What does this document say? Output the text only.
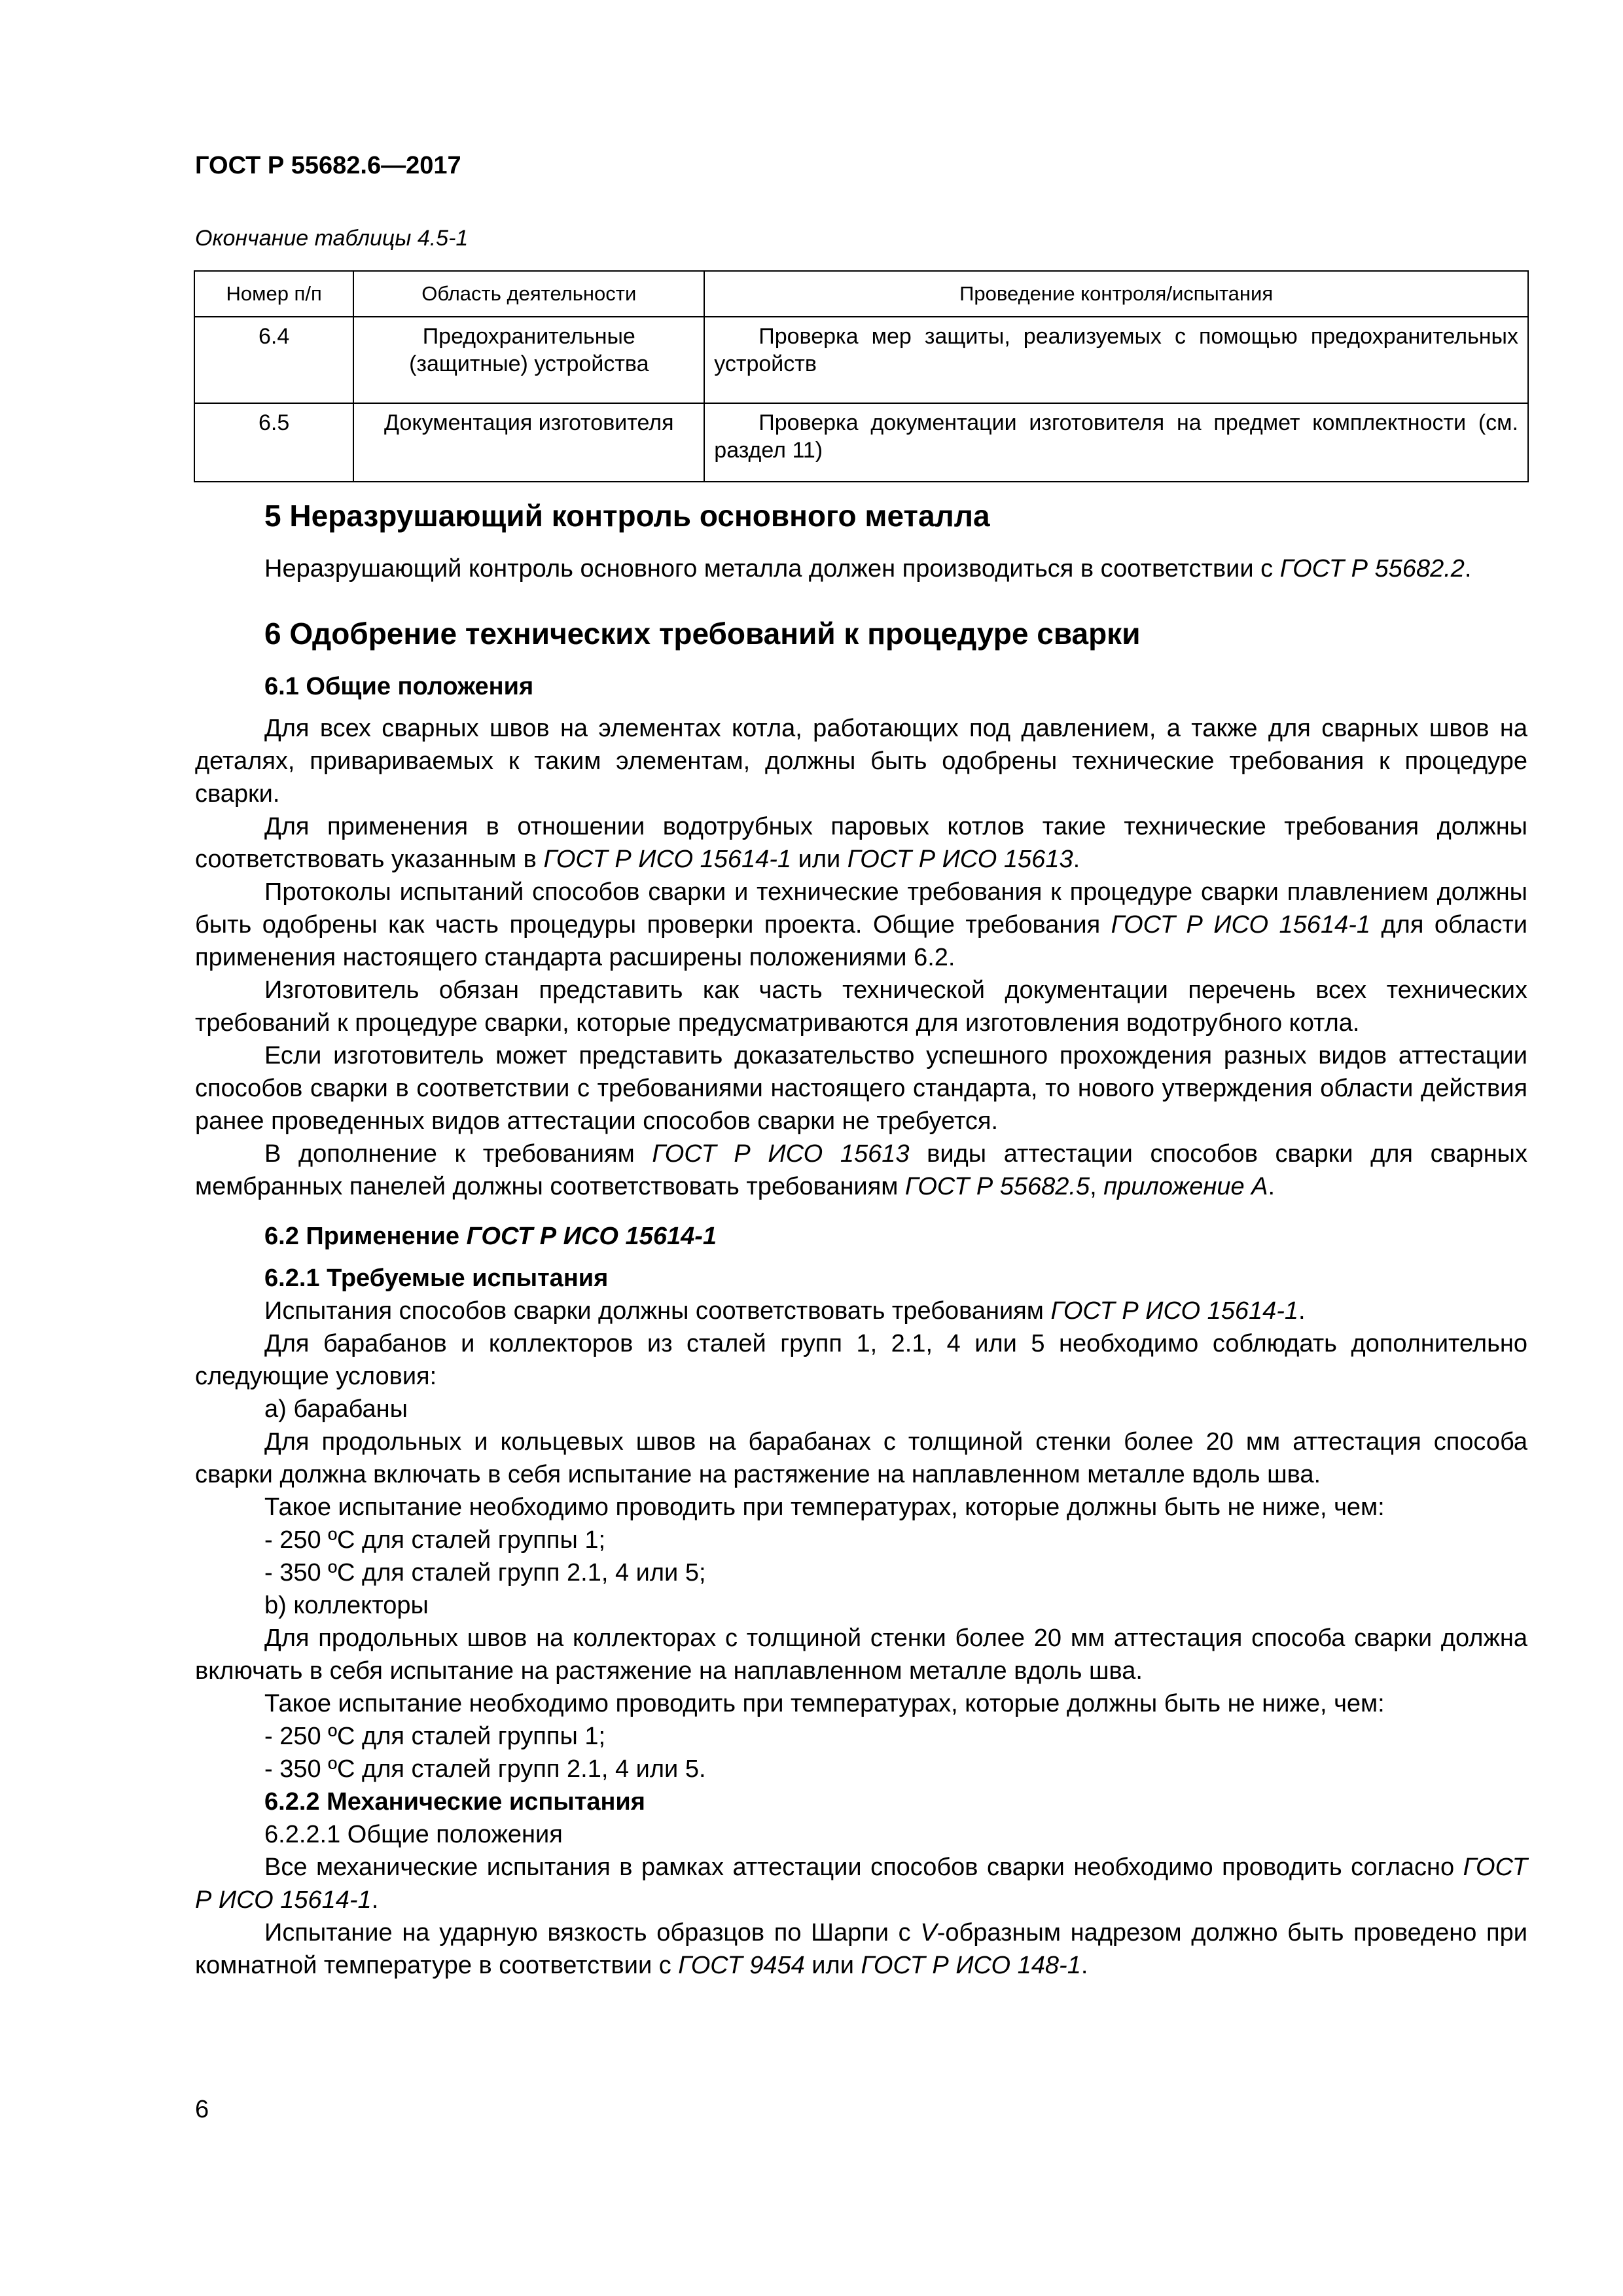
ГОСТ Р 55682.6—2017
Окончание таблицы 4.5-1
Номер п/п	Область деятельности	Проведение контроля/испытания
6.4	Предохранительные (защитные) устройства	Проверка мер защиты, реализуемых с помощью предохранительных устройств
6.5	Документация изготовителя	Проверка документации изготовителя на предмет комплектности (см. раздел 11)
5 Неразрушающий контроль основного металла
Неразрушающий контроль основного металла должен производиться в соответствии с ГОСТ Р 55682.2.
6 Одобрение технических требований к процедуре сварки
6.1 Общие положения
Для всех сварных швов на элементах котла, работающих под давлением, а также для сварных швов на деталях, привариваемых к таким элементам, должны быть одобрены технические требования к процедуре сварки.
Для применения в отношении водотрубных паровых котлов такие технические требования должны соответствовать указанным в ГОСТ Р ИСО 15614-1 или ГОСТ Р ИСО 15613.
Протоколы испытаний способов сварки и технические требования к процедуре сварки плавлением должны быть одобрены как часть процедуры проверки проекта. Общие требования ГОСТ Р ИСО 15614-1 для области применения настоящего стандарта расширены положениями 6.2.
Изготовитель обязан представить как часть технической документации перечень всех технических требований к процедуре сварки, которые предусматриваются для изготовления водотрубного котла.
Если изготовитель может представить доказательство успешного прохождения разных видов аттестации способов сварки в соответствии с требованиями настоящего стандарта, то нового утверждения области действия ранее проведенных видов аттестации способов сварки не требуется.
В дополнение к требованиям ГОСТ Р ИСО 15613 виды аттестации способов сварки для сварных мембранных панелей должны соответствовать требованиям ГОСТ Р 55682.5, приложение А.
6.2 Применение ГОСТ Р ИСО 15614-1
6.2.1 Требуемые испытания
Испытания способов сварки должны соответствовать требованиям ГОСТ Р ИСО 15614-1.
Для барабанов и коллекторов из сталей групп 1, 2.1, 4 или 5 необходимо соблюдать дополнительно следующие условия:
а) барабаны
Для продольных и кольцевых швов на барабанах с толщиной стенки более 20 мм аттестация способа сварки должна включать в себя испытание на растяжение на наплавленном металле вдоль шва.
Такое испытание необходимо проводить при температурах, которые должны быть не ниже, чем:
- 250 ºС для сталей группы 1;
- 350 ºС для сталей групп 2.1, 4 или 5;
b) коллекторы
Для продольных швов на коллекторах с толщиной стенки более 20 мм аттестация способа сварки должна включать в себя испытание на растяжение на наплавленном металле вдоль шва.
Такое испытание необходимо проводить при температурах, которые должны быть не ниже, чем:
- 250 ºС для сталей группы 1;
- 350 ºС для сталей групп 2.1, 4 или 5.
6.2.2 Механические испытания
6.2.2.1 Общие положения
Все механические испытания в рамках аттестации способов сварки необходимо проводить согласно ГОСТ Р ИСО 15614-1.
Испытание на ударную вязкость образцов по Шарпи с V-образным надрезом должно быть проведено при комнатной температуре в соответствии с ГОСТ 9454 или ГОСТ Р ИСО 148-1.
6
